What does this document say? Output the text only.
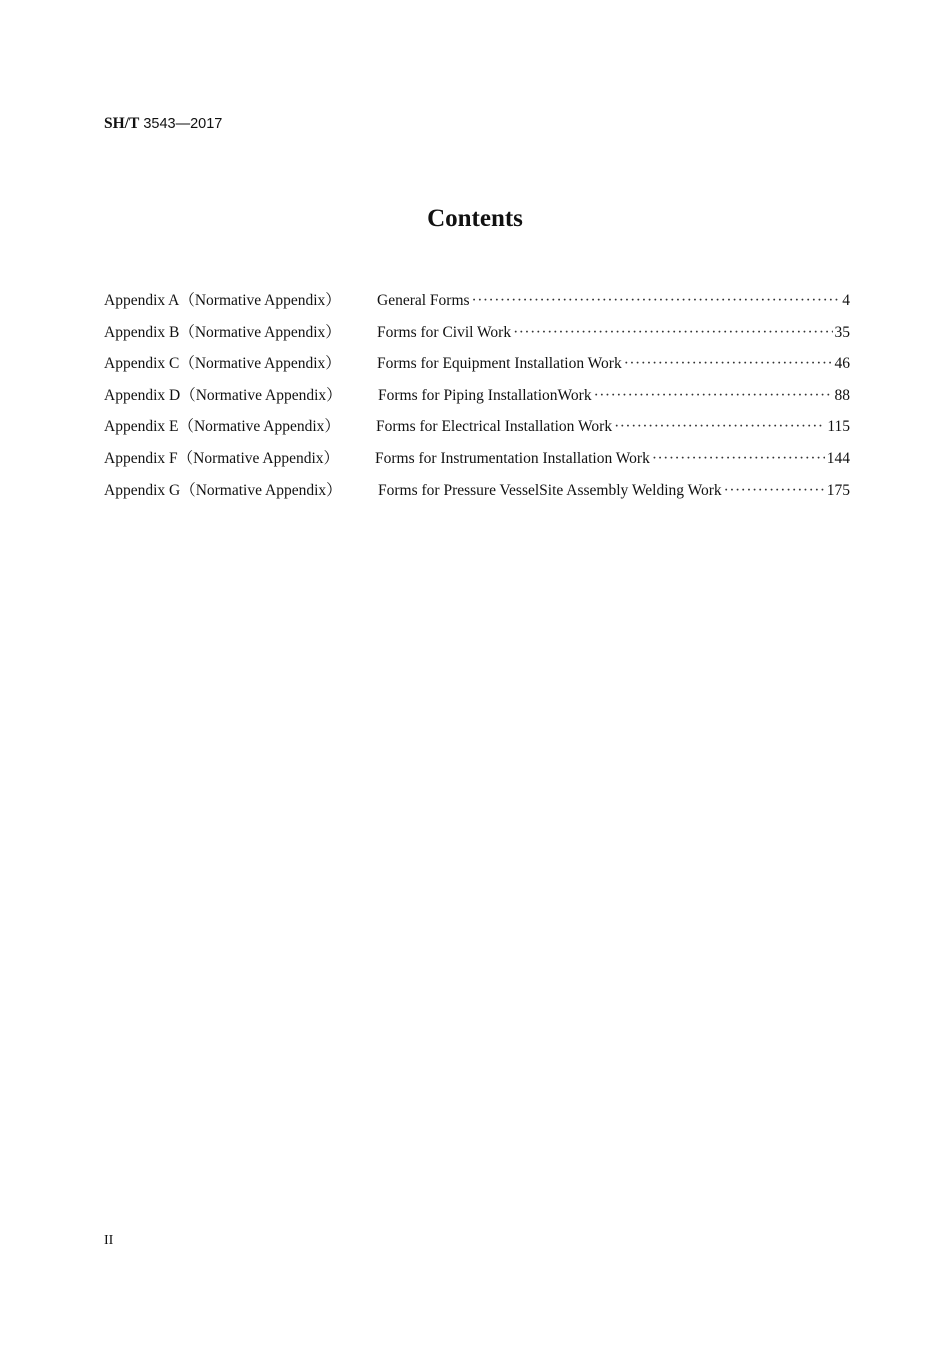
SH/T 3543—2017
Contents
Appendix A（Normative Appendix） General Forms ·····	4
Appendix B（Normative Appendix） Forms for Civil Work ·····	35
Appendix C（Normative Appendix） Forms for Equipment Installation Work ·····	46
Appendix D（Normative Appendix） Forms for Piping InstallationWork ·····	88
Appendix E（Normative Appendix） Forms for Electrical Installation Work ·····	115
Appendix F（Normative Appendix） Forms for Instrumentation Installation Work ·····	144
Appendix G（Normative Appendix） Forms for Pressure VesselSite Assembly Welding Work ·····	175
II
